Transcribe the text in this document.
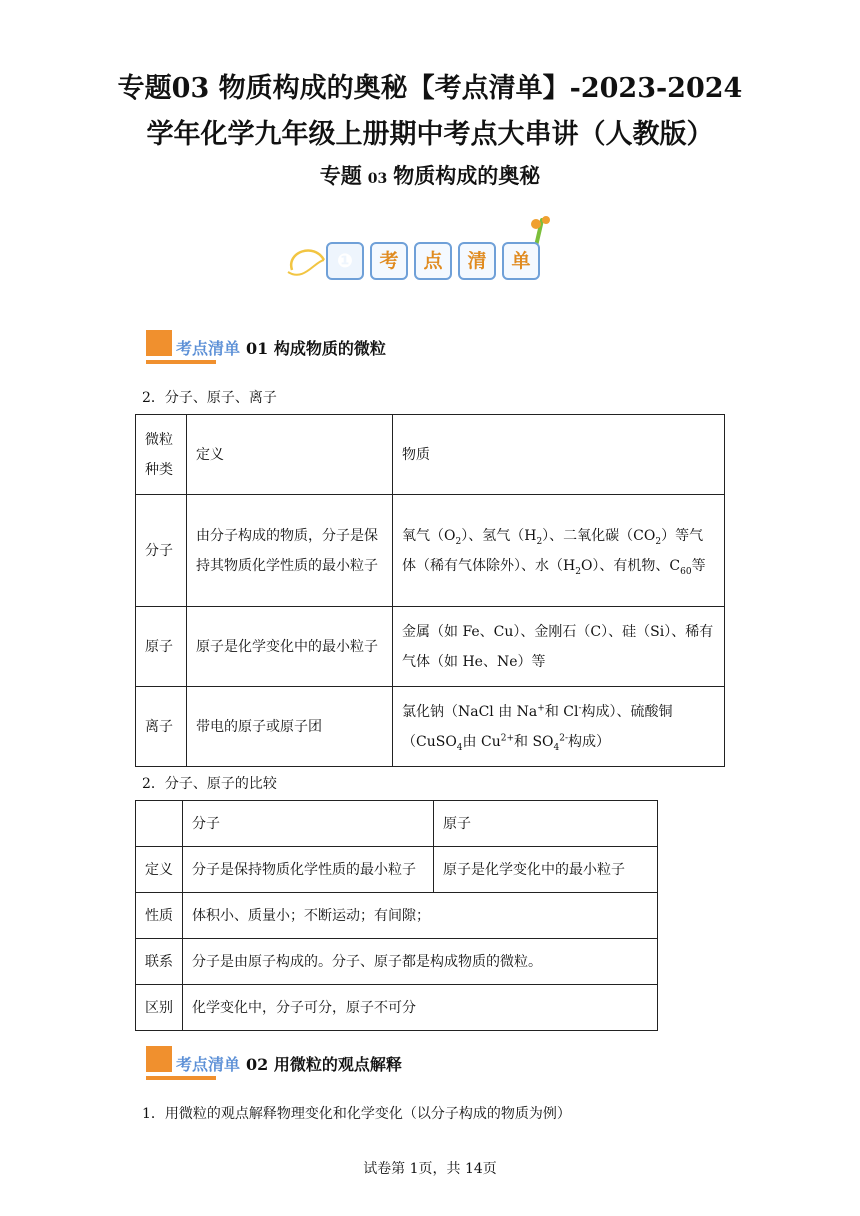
专题03 物质构成的奥秘【考点清单】-2023-2024
学年化学九年级上册期中考点大串讲（人教版）
专题 03 物质构成的奥秘
❶	考	点	清	单
考点清单 01 构成物质的微粒
2．分子、原子、离子
微粒种类	定义	物质
分子	由分子构成的物质，分子是保持其物质化学性质的最小粒子	氧气$(O_2)$、氢气$(H_2)$、二氧化碳$(CO_2)$等气体（稀有气体除外）、水$(H_2O)$、有机物、$C_{60}$等
原子	原子是化学变化中的最小粒子	金属（如 Fe、Cu）、金刚石（C）、硅（Si）、稀有气体（如 He、Ne）等
离子	带电的原子或原子团	氯化钠（NaCl 由 Na+和 Cl-构成）、硫酸铜（CuSO$_4$由 $Cu^{2+}$和 $SO_4^{2-}$构成）
2．分子、原子的比较
	分子	原子
定义	分子是保持物质化学性质的最小粒子	原子是化学变化中的最小粒子
性质	体积小、质量小；不断运动；有间隙；	
联系	分子是由原子构成的。分子、原子都是构成物质的微粒。	
区别	化学变化中，分子可分，原子不可分	
考点清单 02 用微粒的观点解释
1．用微粒的观点解释物理变化和化学变化（以分子构成的物质为例）
试卷第 1页，共 14页
